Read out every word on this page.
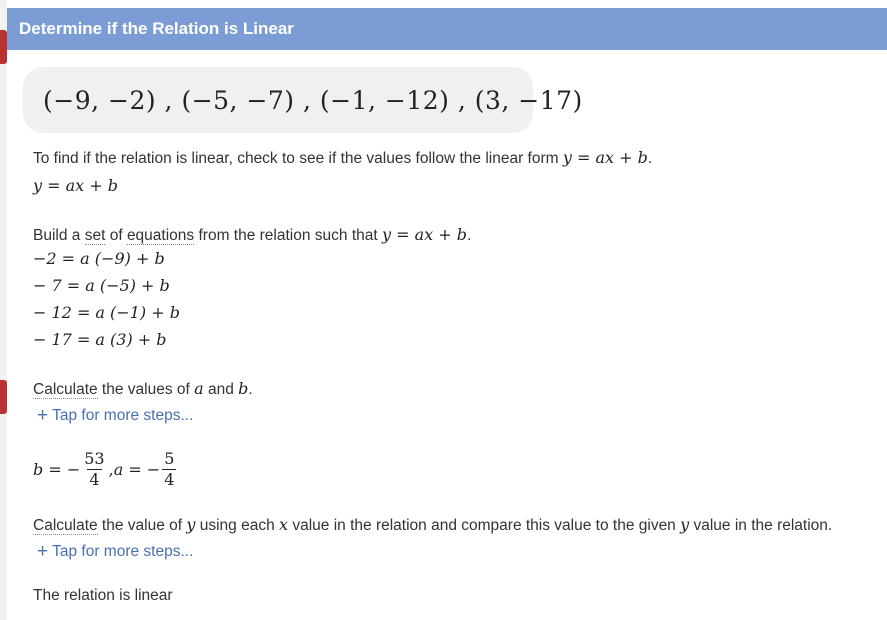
Determine if the Relation is Linear
(−9, −2) , (−5, −7) , (−1, −12) , (3, −17)
To find if the relation is linear, check to see if the values follow the linear form y = ax + b.
y = ax + b
Build a set of equations from the relation such that y = ax + b.
−2 = a (−9) + b
− 7 = a (−5) + b
− 12 = a (−1) + b
− 17 = a (3) + b
Calculate the values of a and b.
+ Tap for more steps...
b = − $\frac{53}{4}$ , a = − $\frac{5}{4}$
Calculate the value of y using each x value in the relation and compare this value to the given y value in the relation.
+ Tap for more steps...
The relation is linear
